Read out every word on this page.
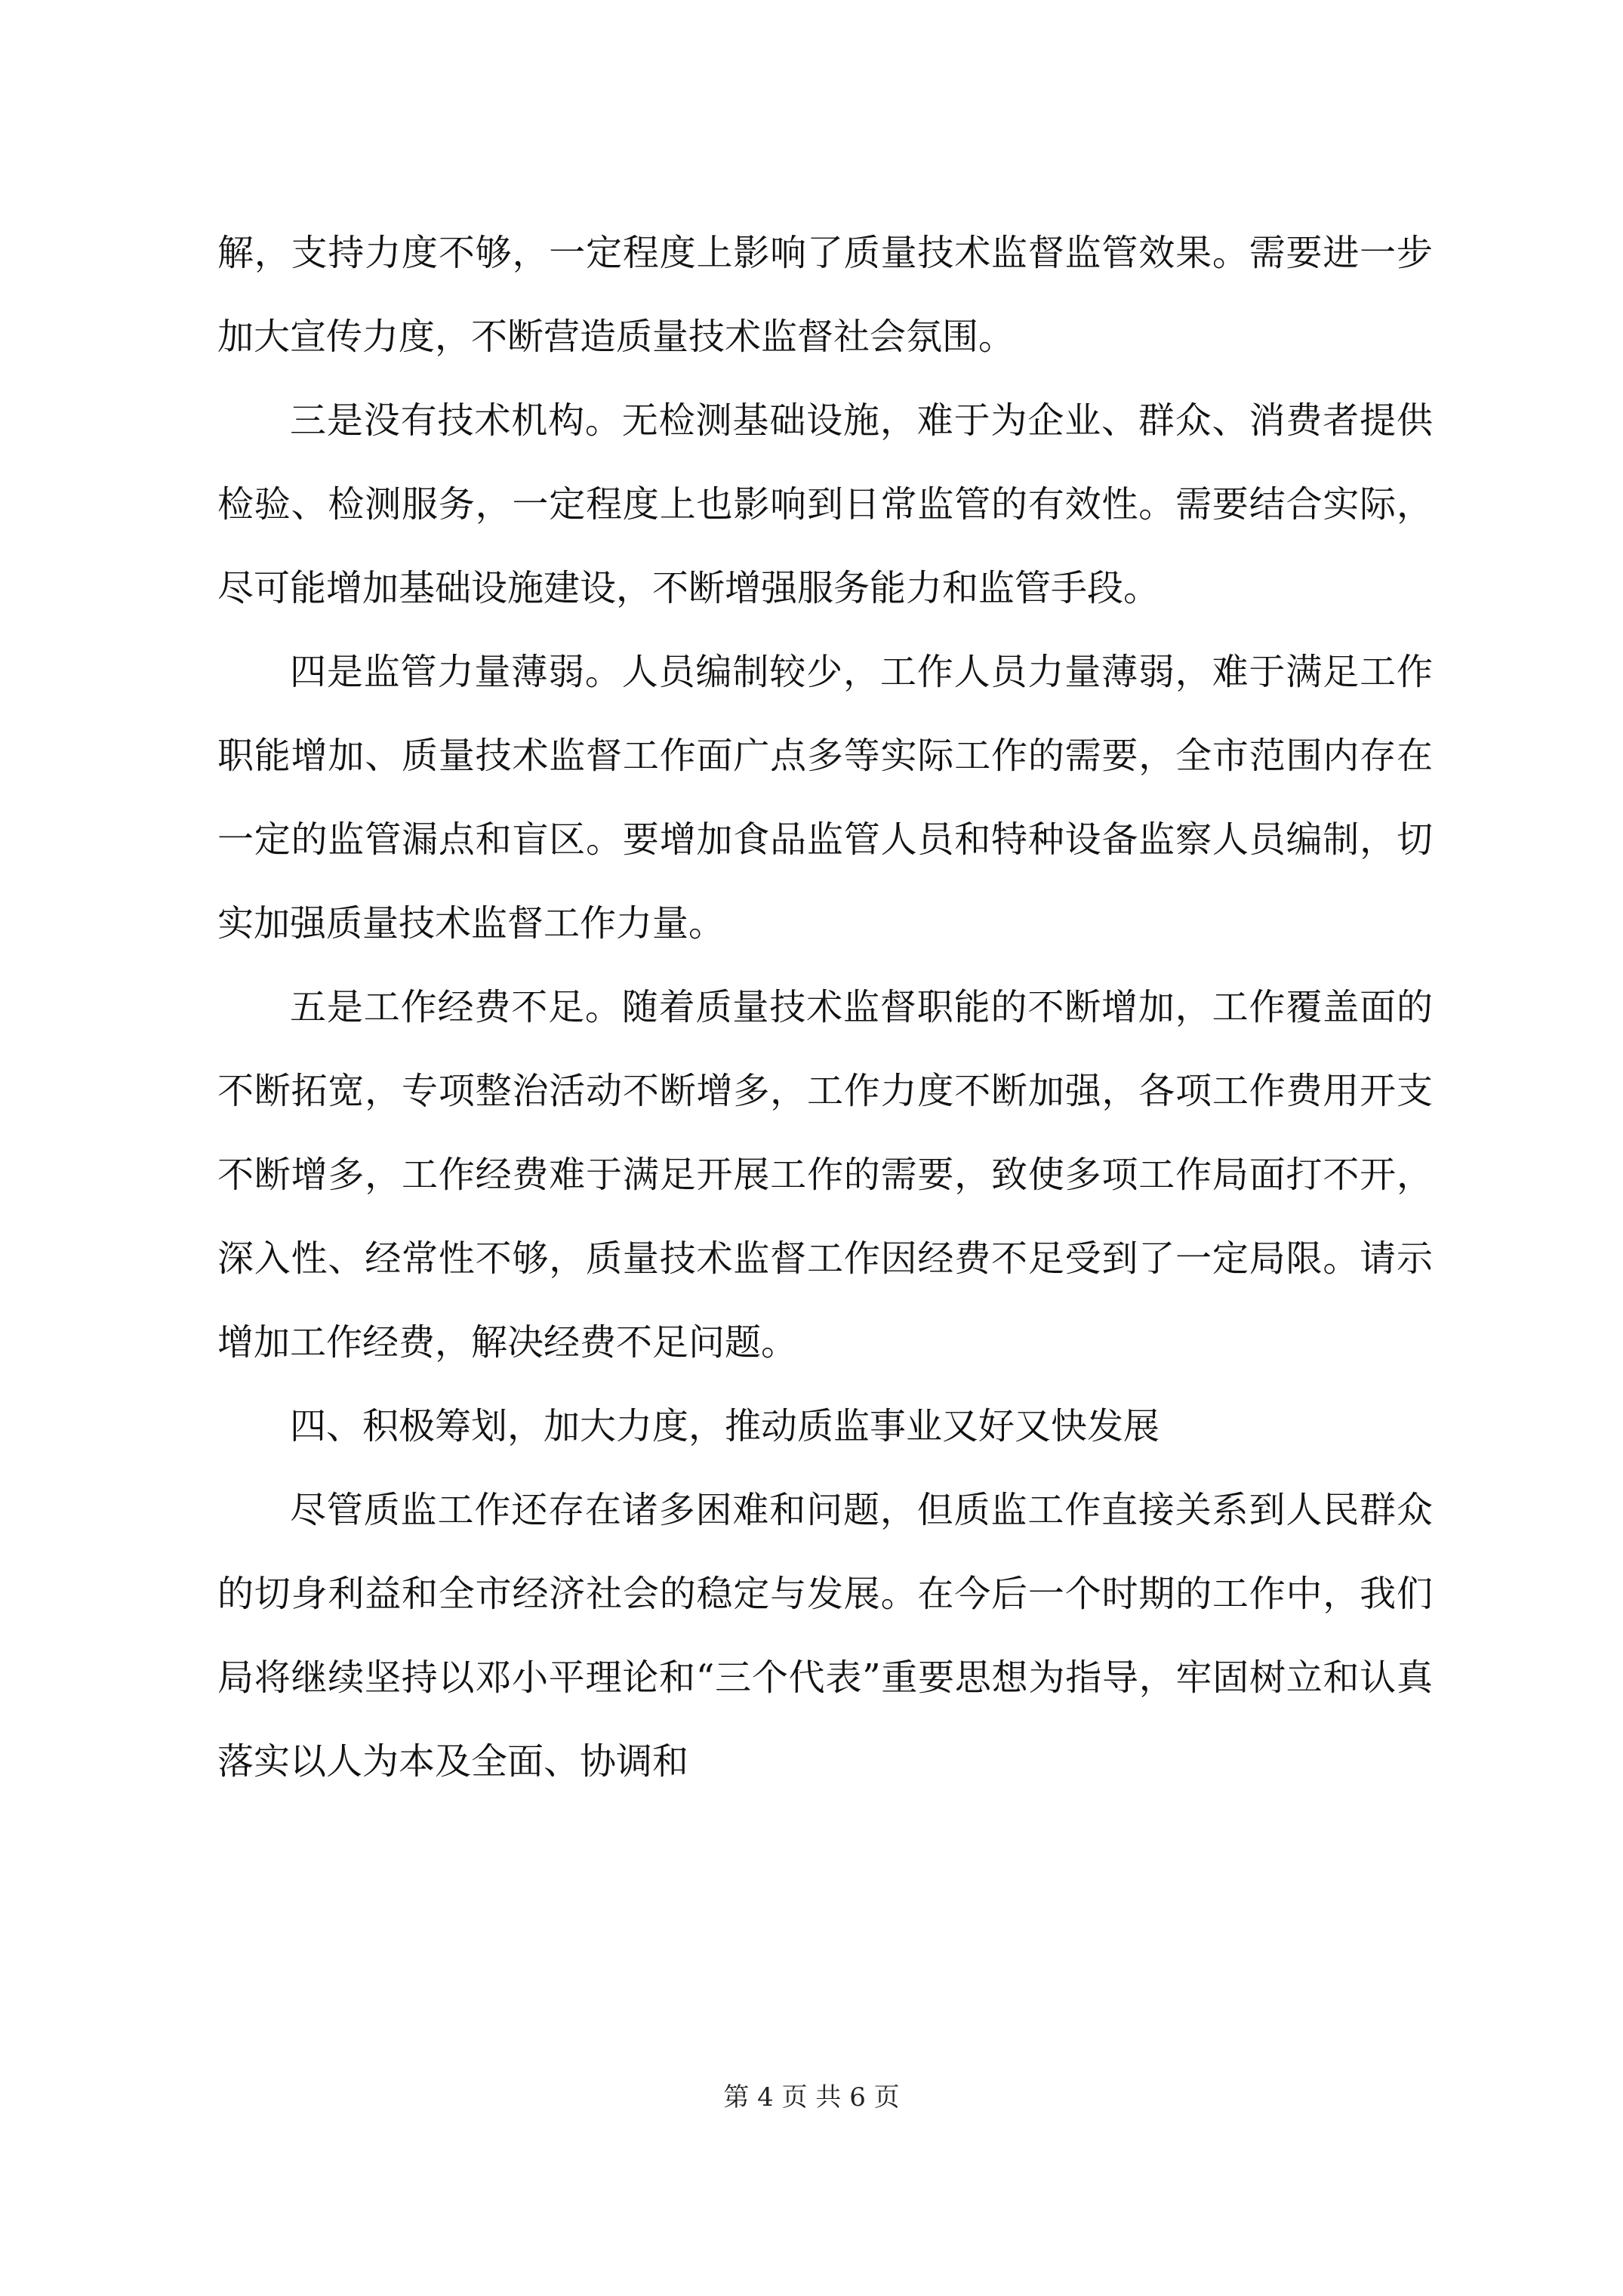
解，支持力度不够，一定程度上影响了质量技术监督监管效果。需要进一步加大宣传力度，不断营造质量技术监督社会氛围。

三是没有技术机构。无检测基础设施，难于为企业、群众、消费者提供检验、检测服务，一定程度上也影响到日常监管的有效性。需要结合实际，尽可能增加基础设施建设，不断增强服务能力和监管手段。

四是监管力量薄弱。人员编制较少，工作人员力量薄弱，难于满足工作职能增加、质量技术监督工作面广点多等实际工作的需要，全市范围内存在一定的监管漏点和盲区。要增加食品监管人员和特种设备监察人员编制，切实加强质量技术监督工作力量。

五是工作经费不足。随着质量技术监督职能的不断增加，工作覆盖面的不断拓宽，专项整治活动不断增多，工作力度不断加强，各项工作费用开支不断增多，工作经费难于满足开展工作的需要，致使多项工作局面打不开，深入性、经常性不够，质量技术监督工作因经费不足受到了一定局限。请示增加工作经费，解决经费不足问题。

四、积极筹划，加大力度，推动质监事业又好又快发展

尽管质监工作还存在诸多困难和问题，但质监工作直接关系到人民群众的切身利益和全市经济社会的稳定与发展。在今后一个时期的工作中，我们局将继续坚持以邓小平理论和“三个代表”重要思想为指导，牢固树立和认真落实以人为本及全面、协调和

第 4 页 共 6 页
